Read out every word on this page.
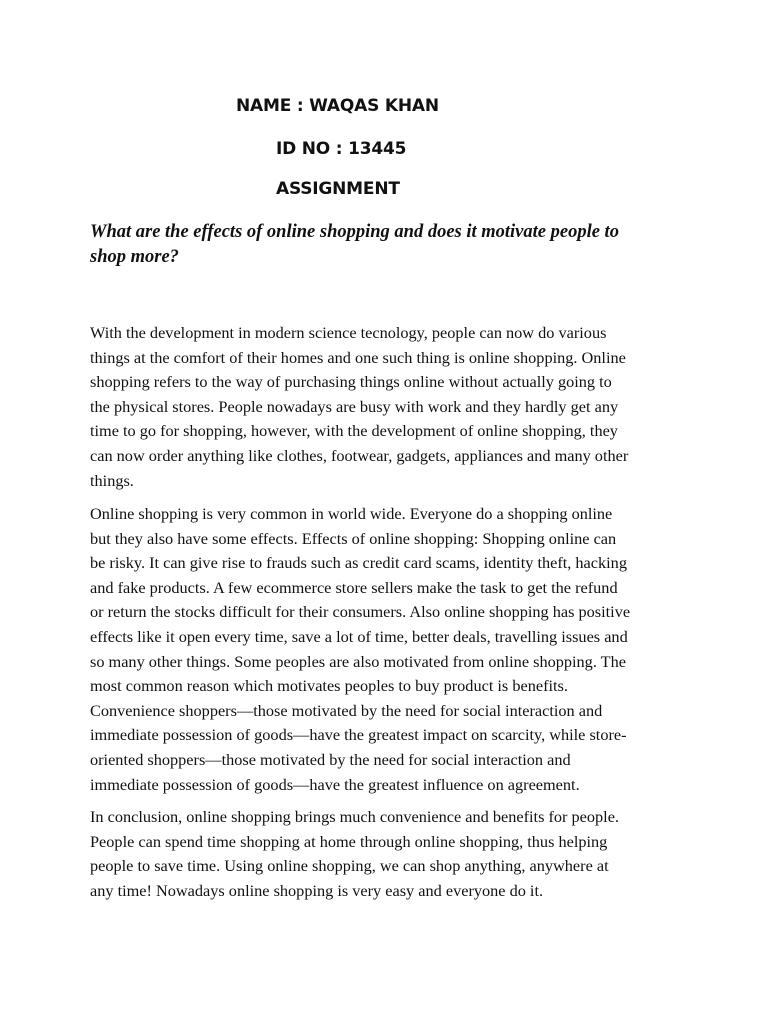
NAME : WAQAS KHAN
ID NO : 13445
ASSIGNMENT
What are the effects of online shopping and does it motivate people to
shop more?
With the development in modern science tecnology, people can now do various
things at the comfort of their homes and one such thing is online shopping. Online
shopping refers to the way of purchasing things online without actually going to
the physical stores. People nowadays are busy with work and they hardly get any
time to go for shopping, however, with the development of online shopping, they
can now order anything like clothes, footwear, gadgets, appliances and many other
things.
Online shopping is very common in world wide. Everyone do a shopping online
but they also have some effects. Effects of online shopping: Shopping online can
be risky. It can give rise to frauds such as credit card scams, identity theft, hacking
and fake products. A few ecommerce store sellers make the task to get the refund
or return the stocks difficult for their consumers. Also online shopping has positive
effects like it open every time, save a lot of time, better deals, travelling issues and
so many other things. Some peoples are also motivated from online shopping. The
most common reason which motivates peoples to buy product is benefits.
Convenience shoppers—those motivated by the need for social interaction and
immediate possession of goods—have the greatest impact on scarcity, while store-
oriented shoppers—those motivated by the need for social interaction and
immediate possession of goods—have the greatest influence on agreement.
In conclusion, online shopping brings much convenience and benefits for people.
People can spend time shopping at home through online shopping, thus helping
people to save time. Using online shopping, we can shop anything, anywhere at
any time! Nowadays online shopping is very easy and everyone do it.
